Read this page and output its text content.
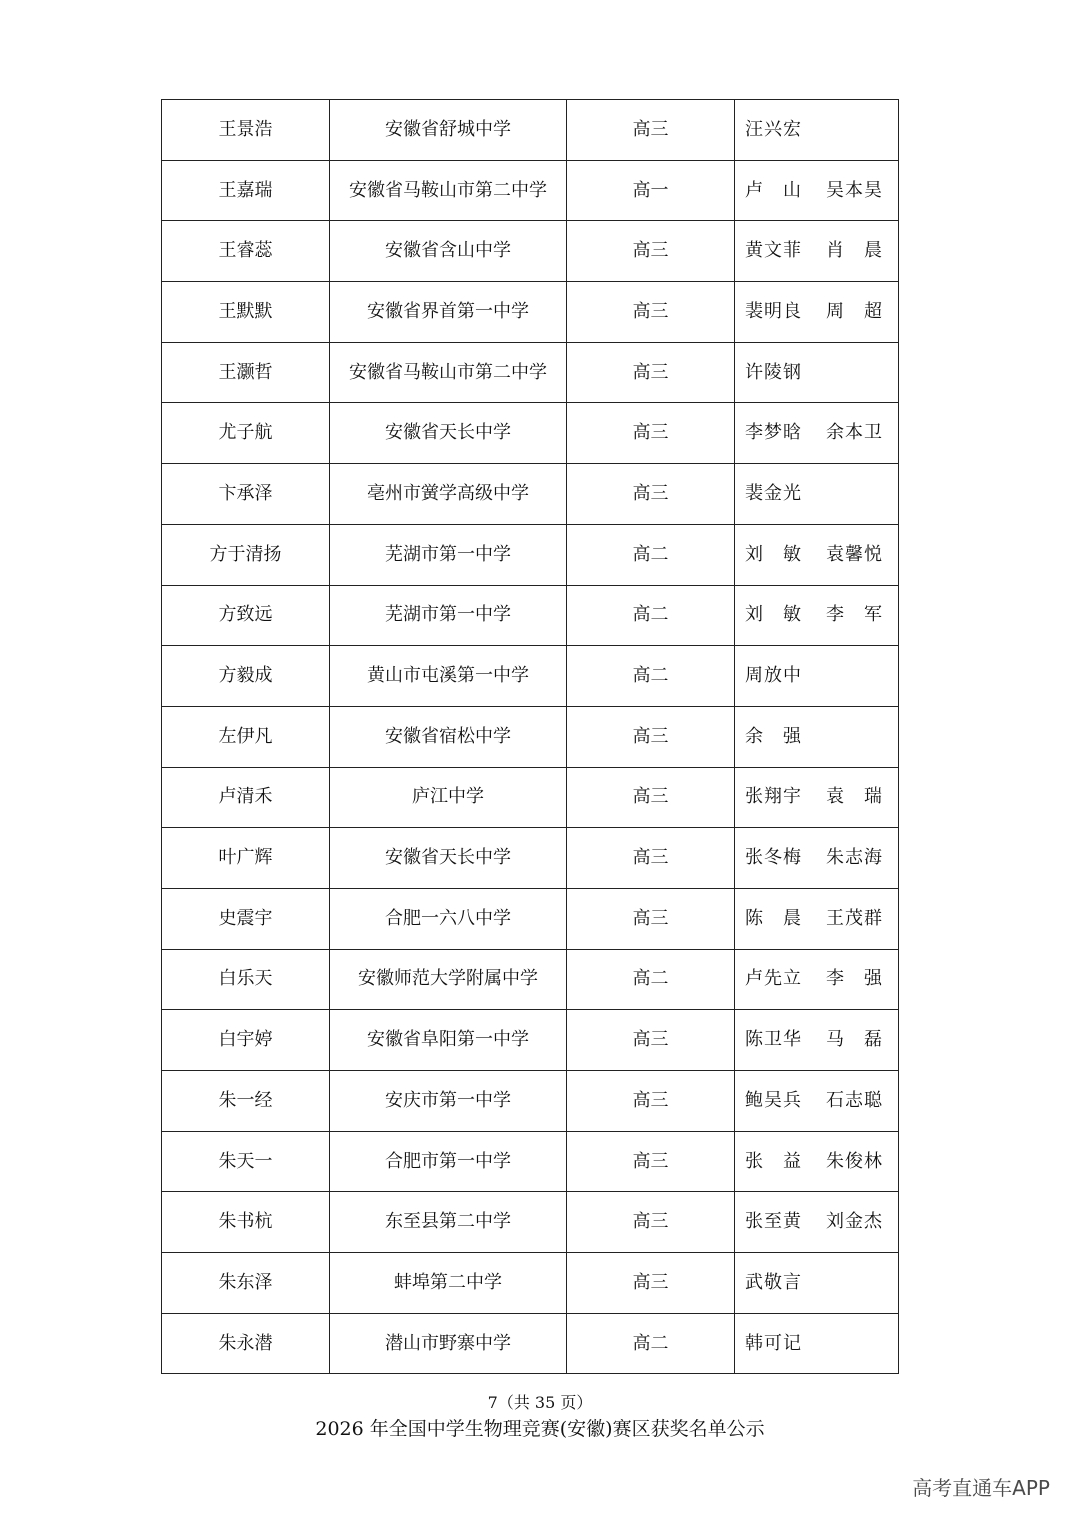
王景浩	安徽省舒城中学	高三	汪兴宏

王嘉瑞	安徽省马鞍山市第二中学	高一	卢　山 吴本昊

王睿蕊	安徽省含山中学	高三	黄文菲 肖　晨

王默默	安徽省界首第一中学	高三	裴明良 周　超

王灏哲	安徽省马鞍山市第二中学	高三	许陵钢

尤子航	安徽省天长中学	高三	李梦晗 余本卫

卞承泽	亳州市黉学高级中学	高三	裴金光

方于清扬	芜湖市第一中学	高二	刘　敏 袁馨悦

方致远	芜湖市第一中学	高二	刘　敏 李　军

方毅成	黄山市屯溪第一中学	高二	周放中

左伊凡	安徽省宿松中学	高三	余　强

卢清禾	庐江中学	高三	张翔宇 袁　瑞

叶广辉	安徽省天长中学	高三	张冬梅 朱志海

史震宇	合肥一六八中学	高三	陈　晨 王茂群

白乐天	安徽师范大学附属中学	高二	卢先立 李　强

白宇婷	安徽省阜阳第一中学	高三	陈卫华 马　磊

朱一经	安庆市第一中学	高三	鲍吴兵 石志聪

朱天一	合肥市第一中学	高三	张　益 朱俊林

朱书杭	东至县第二中学	高三	张至黄 刘金杰

朱东泽	蚌埠第二中学	高三	武敬言

朱永潜	潜山市野寨中学	高二	韩可记
7（共 35 页）
2026 年全国中学生物理竞赛(安徽)赛区获奖名单公示
高考直通车APP
